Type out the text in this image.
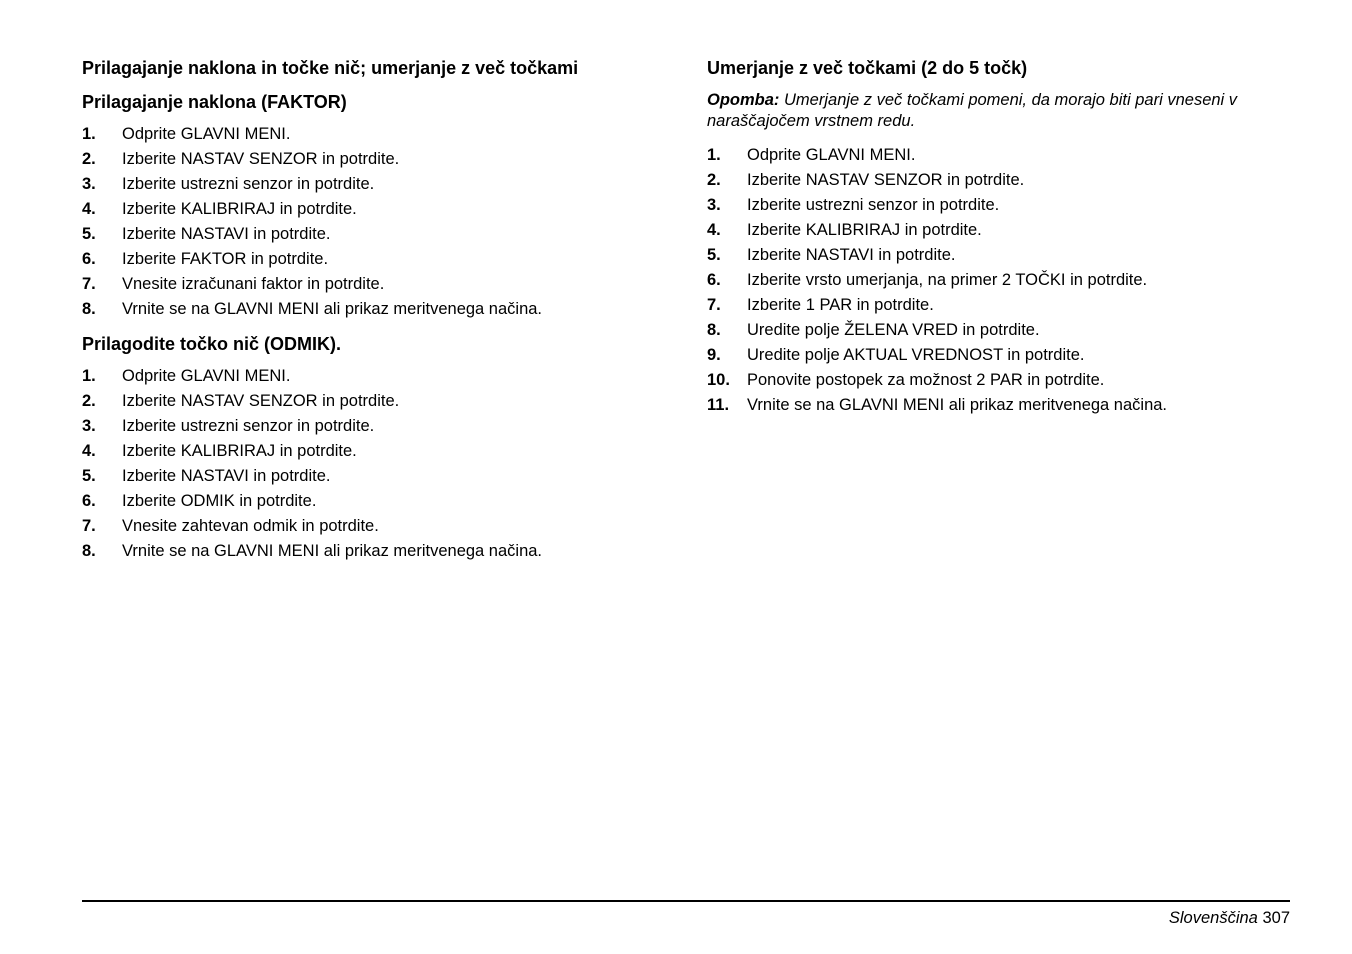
Prilagajanje naklona in točke nič; umerjanje z več točkami
Prilagajanje naklona (FAKTOR)
1.	Odprite GLAVNI MENI.
2.	Izberite NASTAV SENZOR in potrdite.
3.	Izberite ustrezni senzor in potrdite.
4.	Izberite KALIBRIRAJ in potrdite.
5.	Izberite NASTAVI in potrdite.
6.	Izberite FAKTOR in potrdite.
7.	Vnesite izračunani faktor in potrdite.
8.	Vrnite se na GLAVNI MENI ali prikaz meritvenega načina.
Prilagodite točko nič (ODMIK).
1.	Odprite GLAVNI MENI.
2.	Izberite NASTAV SENZOR in potrdite.
3.	Izberite ustrezni senzor in potrdite.
4.	Izberite KALIBRIRAJ in potrdite.
5.	Izberite NASTAVI in potrdite.
6.	Izberite ODMIK in potrdite.
7.	Vnesite zahtevan odmik in potrdite.
8.	Vrnite se na GLAVNI MENI ali prikaz meritvenega načina.
Umerjanje z več točkami (2 do 5 točk)

Opomba: Umerjanje z več točkami pomeni, da morajo biti pari vneseni v naraščajočem vrstnem redu.

1.	Odprite GLAVNI MENI.
2.	Izberite NASTAV SENZOR in potrdite.
3.	Izberite ustrezni senzor in potrdite.
4.	Izberite KALIBRIRAJ in potrdite.
5.	Izberite NASTAVI in potrdite.
6.	Izberite vrsto umerjanja, na primer 2 TOČKI in potrdite.
7.	Izberite 1 PAR in potrdite.
8.	Uredite polje ŽELENA VRED in potrdite.
9.	Uredite polje AKTUAL VREDNOST in potrdite.
10.	Ponovite postopek za možnost 2 PAR in potrdite.
11.	Vrnite se na GLAVNI MENI ali prikaz meritvenega načina.
Slovenščina 307
